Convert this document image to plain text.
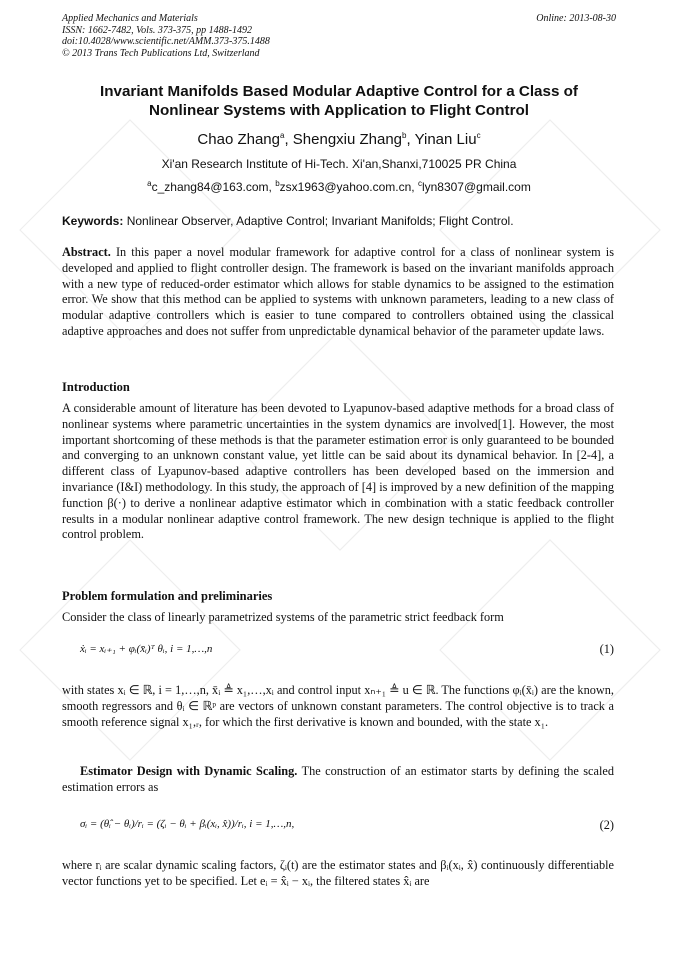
Applied Mechanics and Materials
ISSN: 1662-7482, Vols. 373-375, pp 1488-1492
doi:10.4028/www.scientific.net/AMM.373-375.1488
© 2013 Trans Tech Publications Ltd, Switzerland
Online: 2013-08-30
Invariant Manifolds Based Modular Adaptive Control for a Class of
Nonlinear Systems with Application to Flight Control
Chao Zhang$^a$, Shengxiu Zhang$^b$, Yinan Liu$^c$
Xi'an Research Institute of Hi-Tech. Xi'an,Shanxi,710025 PR China
$^a$c_zhang84@163.com, $^b$zsx1963@yahoo.com.cn, $^c$lyn8307@gmail.com
Keywords: Nonlinear Observer, Adaptive Control; Invariant Manifolds; Flight Control.
Abstract. In this paper a novel modular framework for adaptive control for a class of nonlinear system is developed and applied to flight controller design. The framework is based on the invariant manifolds approach with a new type of reduced-order estimator which allows for stable dynamics to be assigned to the estimation error. We show that this method can be applied to systems with unknown parameters, leading to a new class of modular adaptive controllers which is easier to tune compared to controllers obtained using the classical adaptive approaches and does not suffer from unpredictable dynamical behavior of the parameter update laws.
Introduction
A considerable amount of literature has been devoted to Lyapunov-based adaptive methods for a broad class of nonlinear systems where parametric uncertainties in the system dynamics are involved[1]. However, the most important shortcoming of these methods is that the parameter estimation error is only guaranteed to be bounded and converging to an unknown constant value, yet little can be said about its dynamical behavior. In [2-4], a different class of Lyapunov-based adaptive controllers has been developed based on the immersion and invariance (I&I) methodology. In this study, the approach of [4] is improved by a new definition of the mapping function β(·) to derive a nonlinear adaptive estimator which in combination with a static feedback controller results in a modular nonlinear adaptive control framework. The new design technique is applied to the flight control problem.
Problem formulation and preliminaries
Consider the class of linearly parametrized systems of the parametric strict feedback form
ẋᵢ = xᵢ₊₁ + φᵢ(x̄ᵢ)ᵀ θᵢ, i = 1,…,n	(1)
with states xᵢ ∈ ℝ, i = 1,…,n, x̄ᵢ ≜ x₁,…,xᵢ and control input xₙ₊₁ ≜ u ∈ ℝ. The functions φᵢ(x̄ᵢ) are the known, smooth regressors and θᵢ ∈ ℝᵖ are vectors of unknown constant parameters. The control objective is to track a smooth reference signal x₁,ᵣ, for which the first derivative is known and bounded, with the state x₁.
Estimator Design with Dynamic Scaling. The construction of an estimator starts by defining the scaled estimation errors as
σᵢ = (θ̂ᵢ − θᵢ)/rᵢ = (ζᵢ − θᵢ + βᵢ(xᵢ, x̂))/rᵢ, i = 1,…,n,	(2)
where rᵢ are scalar dynamic scaling factors, ζᵢ(t) are the estimator states and βᵢ(xᵢ, x̂) continuously differentiable vector functions yet to be specified. Let eᵢ = x̂ᵢ − xᵢ, the filtered states x̂ᵢ are
